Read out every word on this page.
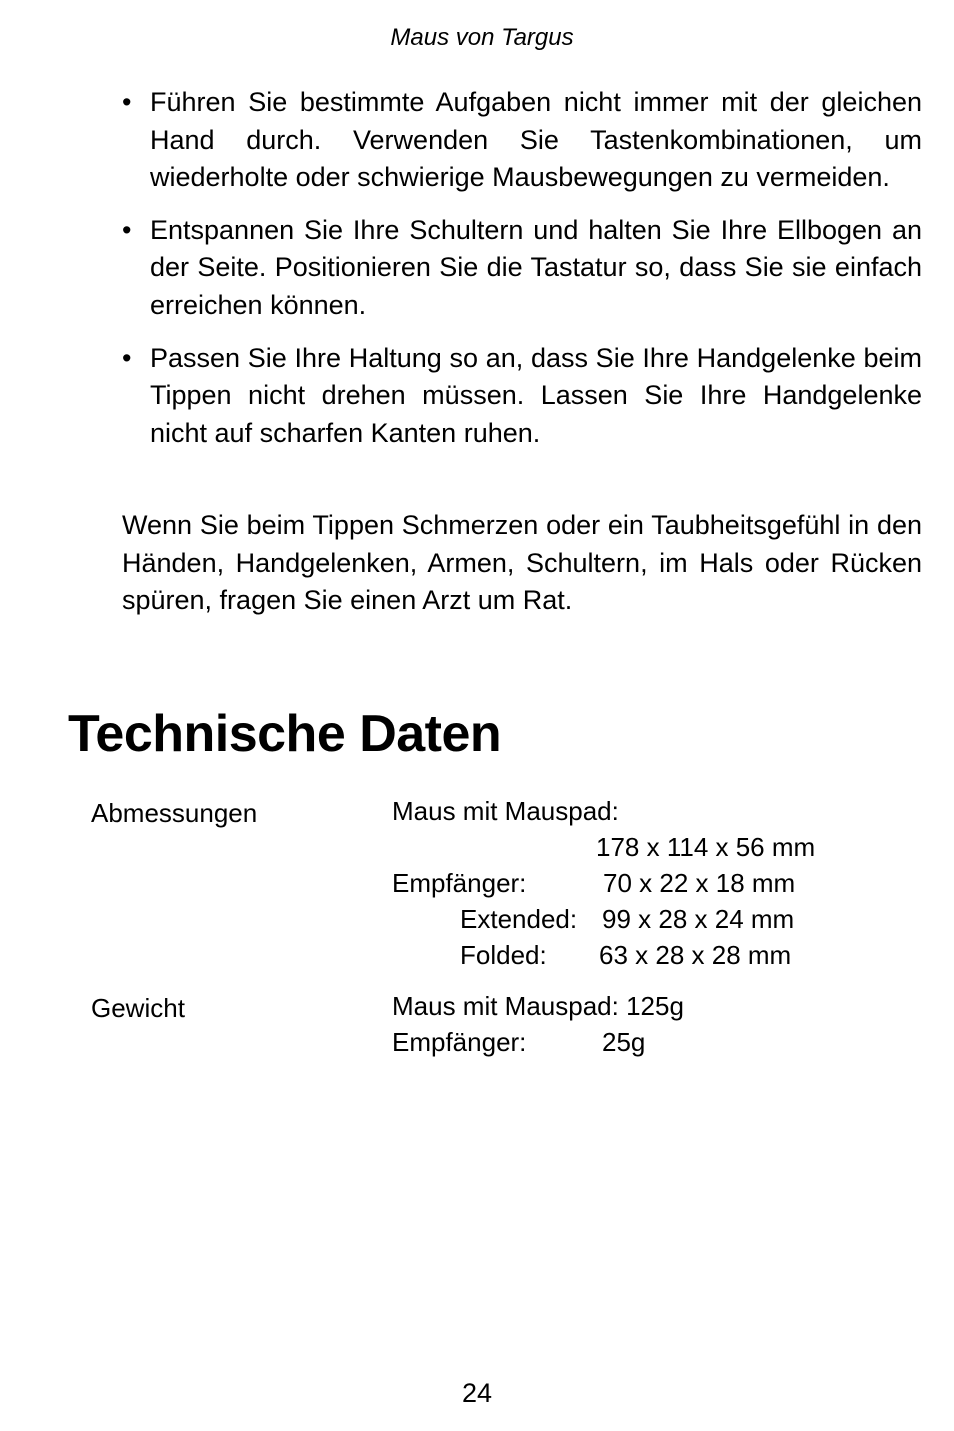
Maus von Targus
• Führen Sie bestimmte Aufgaben nicht immer mit der gleichen Hand durch. Verwenden Sie Tastenkombinationen, um wiederholte oder schwierige Mausbewegungen zu vermeiden.
• Entspannen Sie Ihre Schultern und halten Sie Ihre Ellbogen an der Seite. Positionieren Sie die Tastatur so, dass Sie sie einfach erreichen können.
• Passen Sie Ihre Haltung so an, dass Sie Ihre Handgelenke beim Tippen nicht drehen müssen. Lassen Sie Ihre Handgelenke nicht auf scharfen Kanten ruhen.

Wenn Sie beim Tippen Schmerzen oder ein Taubheitsgefühl in den Händen, Handgelenken, Armen, Schultern, im Hals oder Rücken spüren, fragen Sie einen Arzt um Rat.

Technische Daten
Abmessungen	Maus mit Mauspad:
178 x 114 x 56 mm
Empfänger:	70 x 22 x 18 mm
Extended: 99 x 28 x 24 mm
Folded: 63 x 28 x 28 mm
Gewicht	Maus mit Mauspad: 125g
Empfänger:	25g
24
